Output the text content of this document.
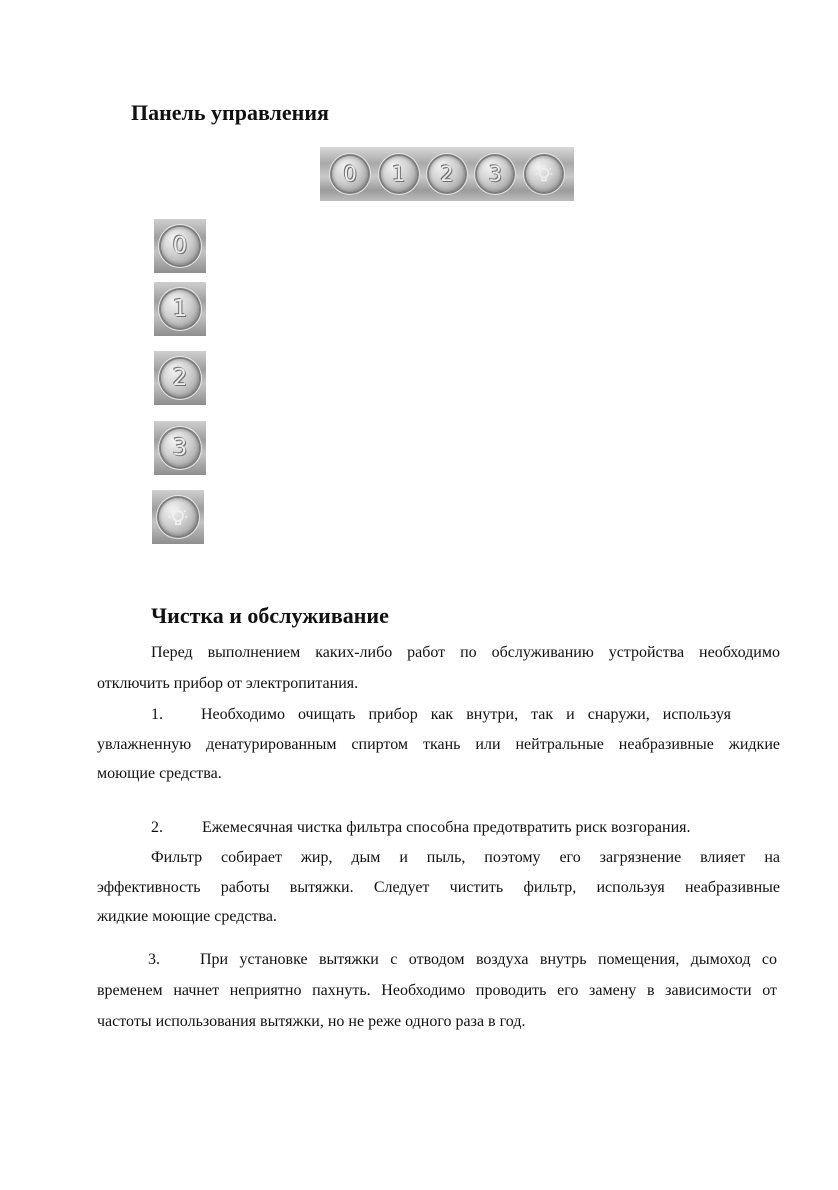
Панель управления
0 1 2 3
0
1
2
3
Чистка и обслуживание

Перед выполнением каких-либо работ по обслуживанию устройства необходимо

отключить прибор от электропитания.

1. Необходимо очищать прибор как внутри, так и снаружи, используя

увлажненную денатурированным спиртом ткань или нейтральные неабразивные жидкие

моющие средства.

2. Ежемесячная чистка фильтра способна предотвратить риск возгорания.

Фильтр собирает жир, дым и пыль, поэтому его загрязнение влияет на

эффективность работы вытяжки. Следует чистить фильтр, используя неабразивные

жидкие моющие средства.

3.	При установке вытяжки с отводом воздуха внутрь помещения, дымоход со

временем начнет неприятно пахнуть. Необходимо проводить его замену в зависимости от

частоты использования вытяжки, но не реже одного раза в год.
